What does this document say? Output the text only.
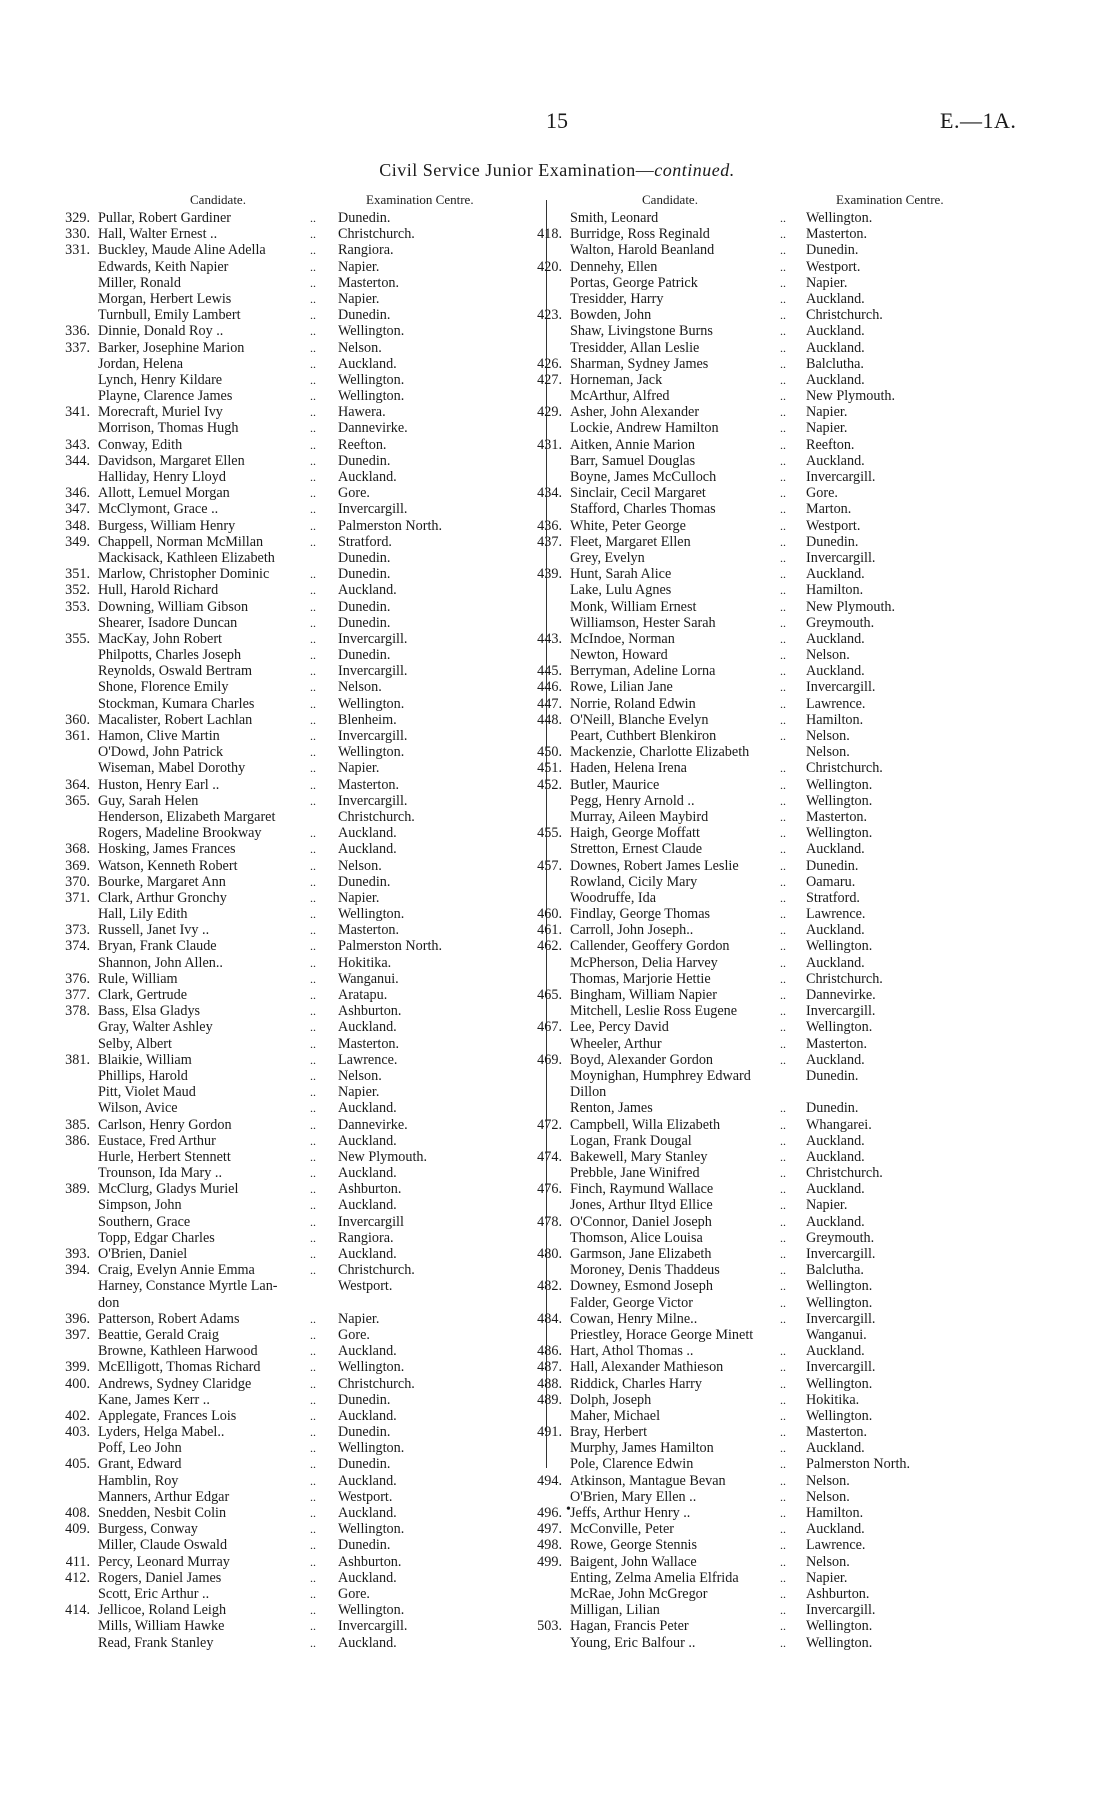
15	E.—1A.
Civil Service Junior Examination—continued.
Candidate.	Examination Centre.	Candidate.	Examination Centre.
329. Pullar, Robert Gardiner	.. Dunedin.
330. Hall, Walter Ernest ..	.. Christchurch.
331. Buckley, Maude Aline Adella	.. Rangiora.
Edwards, Keith Napier	.. Napier.
Miller, Ronald	.. Masterton.
Morgan, Herbert Lewis	.. Napier.
Turnbull, Emily Lambert	.. Dunedin.
336. Dinnie, Donald Roy ..	.. Wellington.
337. Barker, Josephine Marion	.. Nelson.
Jordan, Helena	.. Auckland.
Lynch, Henry Kildare	.. Wellington.
Playne, Clarence James	.. Wellington.
341. Morecraft, Muriel Ivy	.. Hawera.
Morrison, Thomas Hugh	.. Dannevirke.
343. Conway, Edith	.. Reefton.
344. Davidson, Margaret Ellen	.. Dunedin.
Halliday, Henry Lloyd	.. Auckland.
346. Allott, Lemuel Morgan	.. Gore.
347. McClymont, Grace ..	.. Invercargill.
348. Burgess, William Henry	.. Palmerston North.
349. Chappell, Norman McMillan	.. Stratford.
Mackisack, Kathleen Elizabeth	Dunedin.
351. Marlow, Christopher Dominic	.. Dunedin.
352. Hull, Harold Richard	.. Auckland.
353. Downing, William Gibson	.. Dunedin.
Shearer, Isadore Duncan	.. Dunedin.
355. MacKay, John Robert	.. Invercargill.
Philpotts, Charles Joseph	.. Dunedin.
Reynolds, Oswald Bertram	.. Invercargill.
Shone, Florence Emily	.. Nelson.
Stockman, Kumara Charles	.. Wellington.
360. Macalister, Robert Lachlan	.. Blenheim.
361. Hamon, Clive Martin	.. Invercargill.
O'Dowd, John Patrick	.. Wellington.
Wiseman, Mabel Dorothy	.. Napier.
364. Huston, Henry Earl ..	.. Masterton.
365. Guy, Sarah Helen	.. Invercargill.
Henderson, Elizabeth Margaret	Christchurch.
Rogers, Madeline Brookway	.. Auckland.
368. Hosking, James Frances	.. Auckland.
369. Watson, Kenneth Robert	.. Nelson.
370. Bourke, Margaret Ann	.. Dunedin.
371. Clark, Arthur Gronchy	.. Napier.
Hall, Lily Edith	.. Wellington.
373. Russell, Janet Ivy ..	.. Masterton.
374. Bryan, Frank Claude	.. Palmerston North.
Shannon, John Allen..	.. Hokitika.
376. Rule, William	.. Wanganui.
377. Clark, Gertrude	.. Aratapu.
378. Bass, Elsa Gladys	.. Ashburton.
Gray, Walter Ashley	.. Auckland.
Selby, Albert	.. Masterton.
381. Blaikie, William	.. Lawrence.
Phillips, Harold	.. Nelson.
Pitt, Violet Maud	.. Napier.
Wilson, Avice	.. Auckland.
385. Carlson, Henry Gordon	.. Dannevirke.
386. Eustace, Fred Arthur	.. Auckland.
Hurle, Herbert Stennett	.. New Plymouth.
Trounson, Ida Mary ..	.. Auckland.
389. McClurg, Gladys Muriel	.. Ashburton.
Simpson, John	.. Auckland.
Southern, Grace	.. Invercargill
Topp, Edgar Charles	.. Rangiora.
393. O'Brien, Daniel	.. Auckland.
394. Craig, Evelyn Annie Emma	.. Christchurch.
Harney, Constance Myrtle Lan-	Westport.
don
396. Patterson, Robert Adams	.. Napier.
397. Beattie, Gerald Craig	.. Gore.
Browne, Kathleen Harwood	.. Auckland.
399. McElligott, Thomas Richard	.. Wellington.
400. Andrews, Sydney Claridge	.. Christchurch.
Kane, James Kerr ..	.. Dunedin.
402. Applegate, Frances Lois	.. Auckland.
403. Lyders, Helga Mabel..	.. Dunedin.
Poff, Leo John	.. Wellington.
405. Grant, Edward	.. Dunedin.
Hamblin, Roy	.. Auckland.
Manners, Arthur Edgar	.. Westport.
408. Snedden, Nesbit Colin	.. Auckland.
409. Burgess, Conway	.. Wellington.
Miller, Claude Oswald	.. Dunedin.
411. Percy, Leonard Murray	.. Ashburton.
412. Rogers, Daniel James	.. Auckland.
Scott, Eric Arthur ..	.. Gore.
414. Jellicoe, Roland Leigh	.. Wellington.
Mills, William Hawke	.. Invercargill.
Read, Frank Stanley	.. Auckland.
Smith, Leonard	.. Wellington.
418. Burridge, Ross Reginald	.. Masterton.
Walton, Harold Beanland	.. Dunedin.
420. Dennehy, Ellen	.. Westport.
Portas, George Patrick	.. Napier.
Tresidder, Harry	.. Auckland.
423. Bowden, John	.. Christchurch.
Shaw, Livingstone Burns	.. Auckland.
Tresidder, Allan Leslie	.. Auckland.
426. Sharman, Sydney James	.. Balclutha.
427. Horneman, Jack	.. Auckland.
McArthur, Alfred	.. New Plymouth.
429. Asher, John Alexander	.. Napier.
Lockie, Andrew Hamilton	.. Napier.
431. Aitken, Annie Marion	.. Reefton.
Barr, Samuel Douglas	.. Auckland.
Boyne, James McCulloch	.. Invercargill.
434. Sinclair, Cecil Margaret	.. Gore.
Stafford, Charles Thomas	.. Marton.
436. White, Peter George	.. Westport.
437. Fleet, Margaret Ellen	.. Dunedin.
Grey, Evelyn	.. Invercargill.
439. Hunt, Sarah Alice	.. Auckland.
Lake, Lulu Agnes	.. Hamilton.
Monk, William Ernest	.. New Plymouth.
Williamson, Hester Sarah	.. Greymouth.
443. McIndoe, Norman	.. Auckland.
Newton, Howard	.. Nelson.
445. Berryman, Adeline Lorna	.. Auckland.
446. Rowe, Lilian Jane	.. Invercargill.
447. Norrie, Roland Edwin	.. Lawrence.
448. O'Neill, Blanche Evelyn	.. Hamilton.
Peart, Cuthbert Blenkiron	.. Nelson.
450. Mackenzie, Charlotte Elizabeth	Nelson.
451. Haden, Helena Irena	.. Christchurch.
452. Butler, Maurice	.. Wellington.
Pegg, Henry Arnold ..	.. Wellington.
Murray, Aileen Maybird	.. Masterton.
455. Haigh, George Moffatt	.. Wellington.
Stretton, Ernest Claude	.. Auckland.
457. Downes, Robert James Leslie	.. Dunedin.
Rowland, Cicily Mary	.. Oamaru.
Woodruffe, Ida	.. Stratford.
460. Findlay, George Thomas	.. Lawrence.
461. Carroll, John Joseph..	.. Auckland.
462. Callender, Geoffery Gordon	.. Wellington.
McPherson, Delia Harvey	.. Auckland.
Thomas, Marjorie Hettie	.. Christchurch.
465. Bingham, William Napier	.. Dannevirke.
Mitchell, Leslie Ross Eugene	.. Invercargill.
467. Lee, Percy David	.. Wellington.
Wheeler, Arthur	.. Masterton.
469. Boyd, Alexander Gordon	.. Auckland.
Moynighan, Humphrey Edward	Dunedin.
Dillon
Renton, James	.. Dunedin.
472. Campbell, Willa Elizabeth	.. Whangarei.
Logan, Frank Dougal	.. Auckland.
474. Bakewell, Mary Stanley	.. Auckland.
Prebble, Jane Winifred	.. Christchurch.
476. Finch, Raymund Wallace	.. Auckland.
Jones, Arthur Iltyd Ellice	.. Napier.
478. O'Connor, Daniel Joseph	.. Auckland.
Thomson, Alice Louisa	.. Greymouth.
480. Garmson, Jane Elizabeth	.. Invercargill.
Moroney, Denis Thaddeus	.. Balclutha.
482. Downey, Esmond Joseph	.. Wellington.
Falder, George Victor	.. Wellington.
484. Cowan, Henry Milne..	.. Invercargill.
Priestley, Horace George Minett	Wanganui.
486. Hart, Athol Thomas ..	.. Auckland.
487. Hall, Alexander Mathieson	.. Invercargill.
488. Riddick, Charles Harry	.. Wellington.
489. Dolph, Joseph	.. Hokitika.
Maher, Michael	.. Wellington.
491. Bray, Herbert	.. Masterton.
Murphy, James Hamilton	.. Auckland.
Pole, Clarence Edwin	.. Palmerston North.
494. Atkinson, Mantague Bevan	.. Nelson.
O'Brien, Mary Ellen ..	.. Nelson.
496. Jeffs, Arthur Henry ..	.. Hamilton.
497. McConville, Peter	.. Auckland.
498. Rowe, George Stennis	.. Lawrence.
499. Baigent, John Wallace	.. Nelson.
Enting, Zelma Amelia Elfrida	.. Napier.
McRae, John McGregor	.. Ashburton.
Milligan, Lilian	.. Invercargill.
503. Hagan, Francis Peter	.. Wellington.
Young, Eric Balfour ..	.. Wellington.
•
